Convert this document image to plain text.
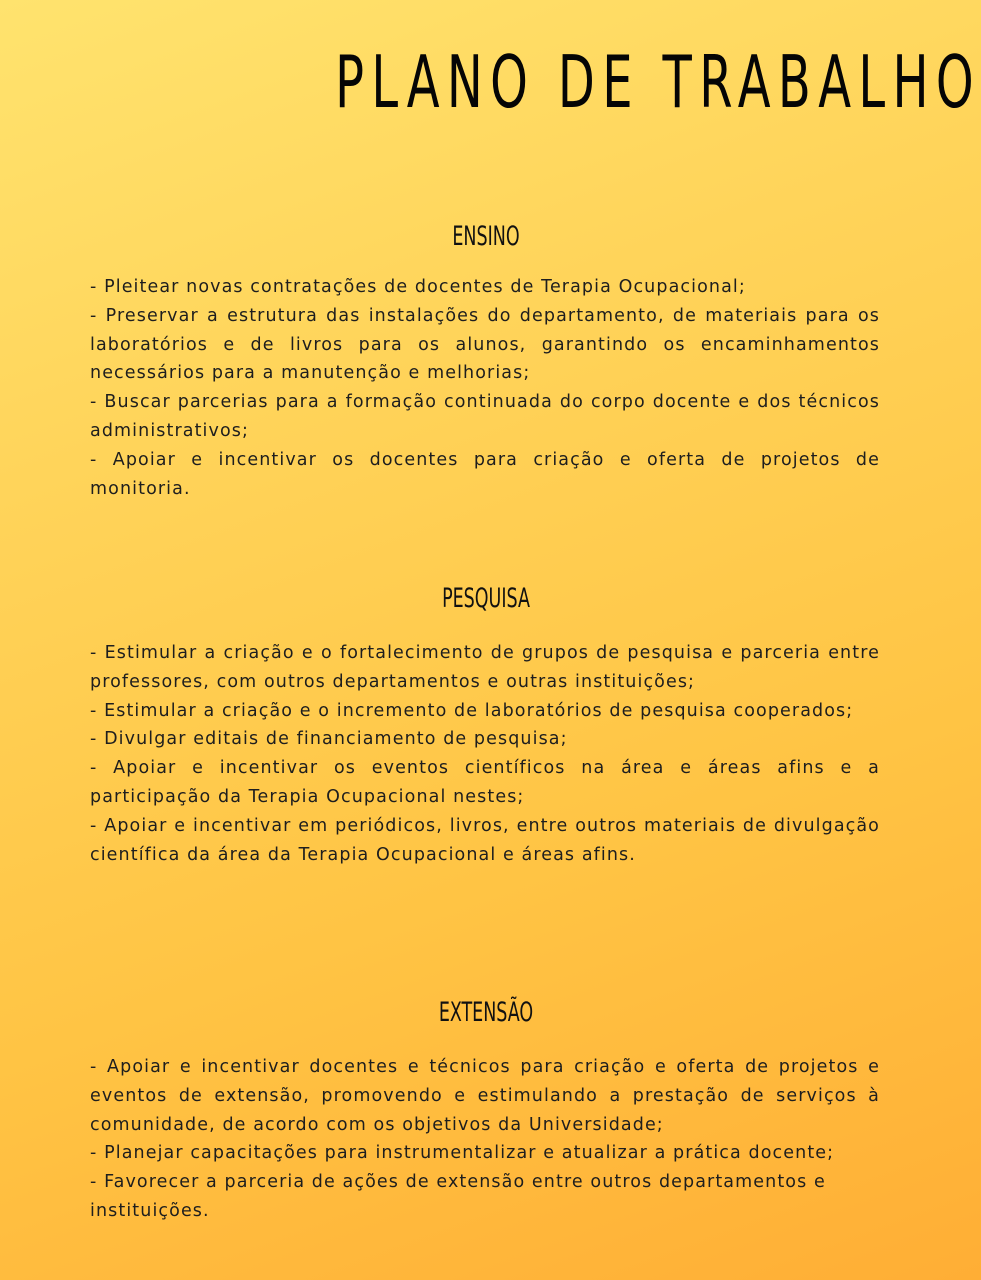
PLANO DE TRABALHO
ENSINO

- Pleitear novas contratações de docentes de Terapia Ocupacional;

- Preservar a estrutura das instalações do departamento, de materiais para os laboratórios e de livros para os alunos, garantindo os encaminhamentos necessários para a manutenção e melhorias;

- Buscar parcerias para a formação continuada do corpo docente e dos técnicos administrativos;

- Apoiar e incentivar os docentes para criação e oferta de projetos de monitoria.

PESQUISA

- Estimular a criação e o fortalecimento de grupos de pesquisa e parceria entre professores, com outros departamentos e outras instituições;

- Estimular a criação e o incremento de laboratórios de pesquisa cooperados;

- Divulgar editais de financiamento de pesquisa;

- Apoiar e incentivar os eventos científicos na área e áreas afins e a participação da Terapia Ocupacional nestes;

- Apoiar e incentivar em periódicos, livros, entre outros materiais de divulgação científica da área da Terapia Ocupacional e áreas afins.

EXTENSÃO

- Apoiar e incentivar docentes e técnicos para criação e oferta de projetos e eventos de extensão, promovendo e estimulando a prestação de serviços à comunidade, de acordo com os objetivos da Universidade;

- Planejar capacitações para instrumentalizar e atualizar a prática docente;

- Favorecer a parceria de ações de extensão entre outros departamentos e instituições.
